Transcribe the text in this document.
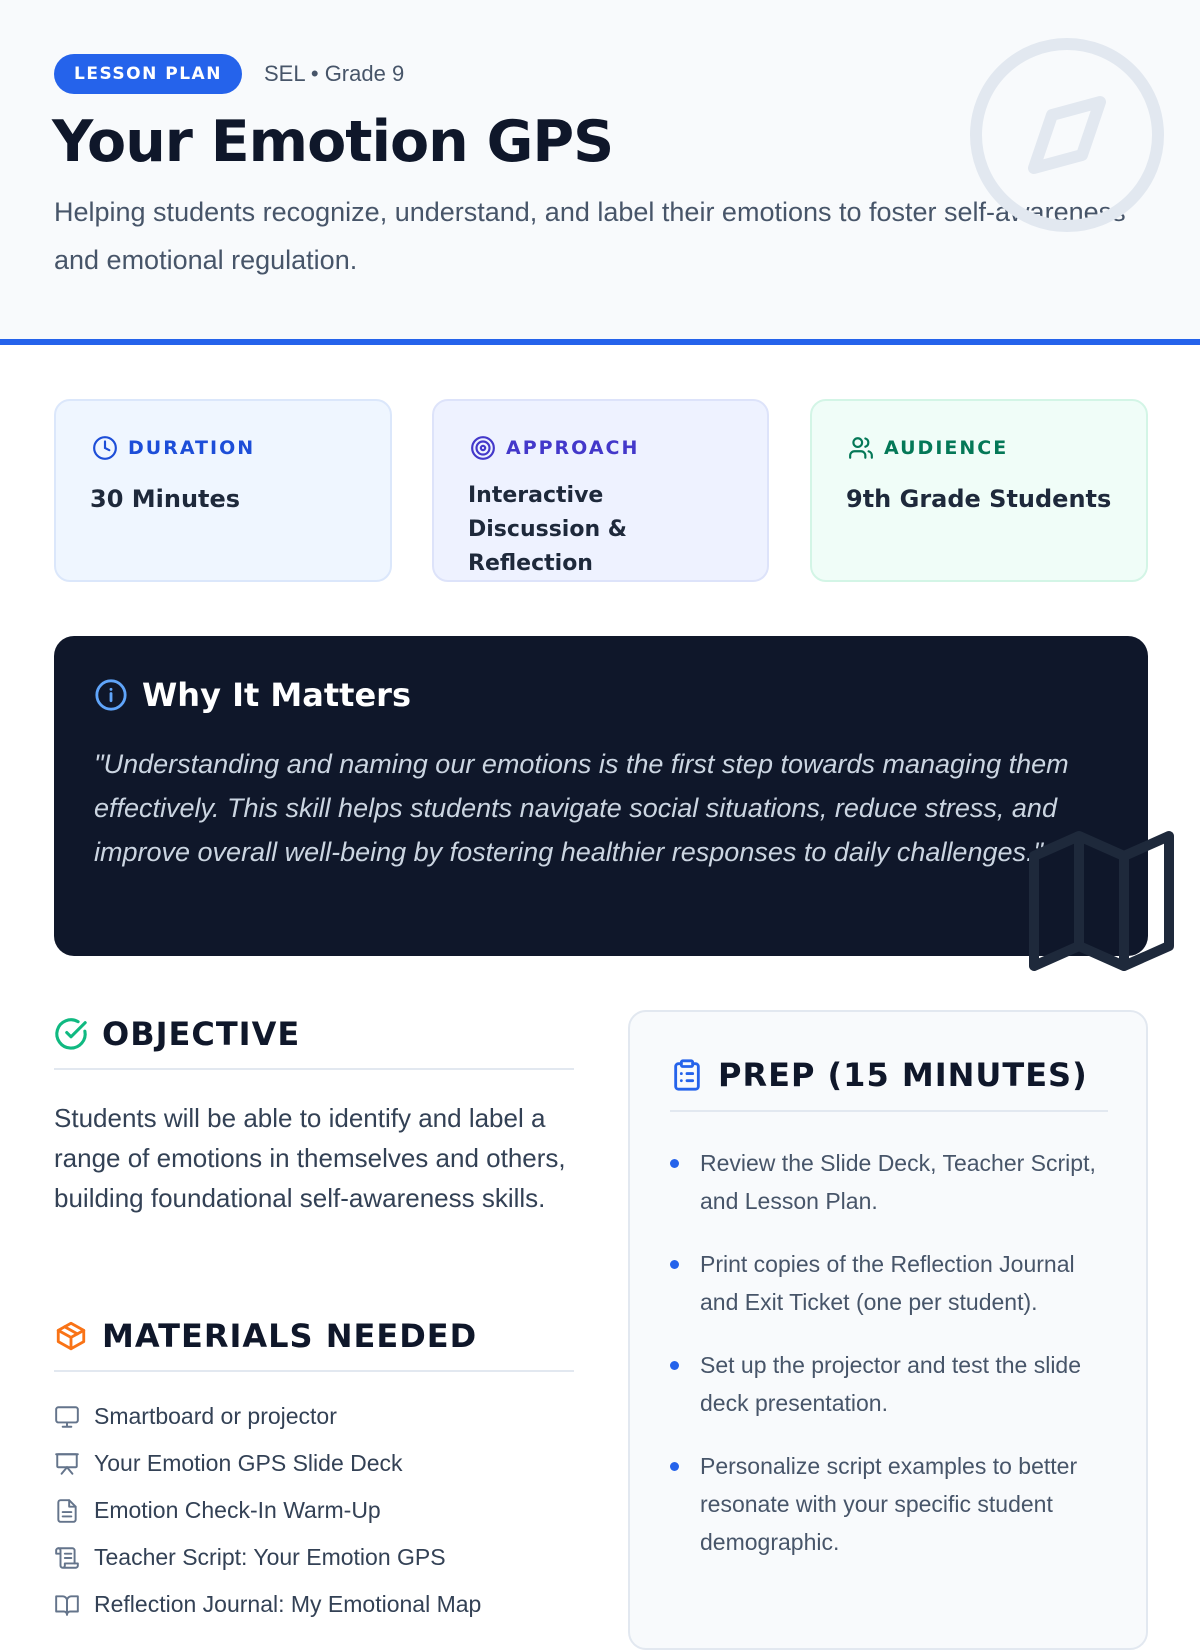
LESSON PLAN	SEL • Grade 9
Your Emotion GPS
Helping students recognize, understand, and label their emotions to foster self-awareness and emotional regulation.
DURATION
30 Minutes
APPROACH
Interactive Discussion & Reflection
AUDIENCE
9th Grade Students
Why It Matters
"Understanding and naming our emotions is the first step towards managing them effectively. This skill helps students navigate social situations, reduce stress, and improve overall well-being by fostering healthier responses to daily challenges."
OBJECTIVE
Students will be able to identify and label a range of emotions in themselves and others, building foundational self-awareness skills.
MATERIALS NEEDED
Smartboard or projector
Your Emotion GPS Slide Deck
Emotion Check-In Warm-Up
Teacher Script: Your Emotion GPS
Reflection Journal: My Emotional Map
PREP (15 MINUTES)
Review the Slide Deck, Teacher Script, and Lesson Plan.
Print copies of the Reflection Journal and Exit Ticket (one per student).
Set up the projector and test the slide deck presentation.
Personalize script examples to better resonate with your specific student demographic.
